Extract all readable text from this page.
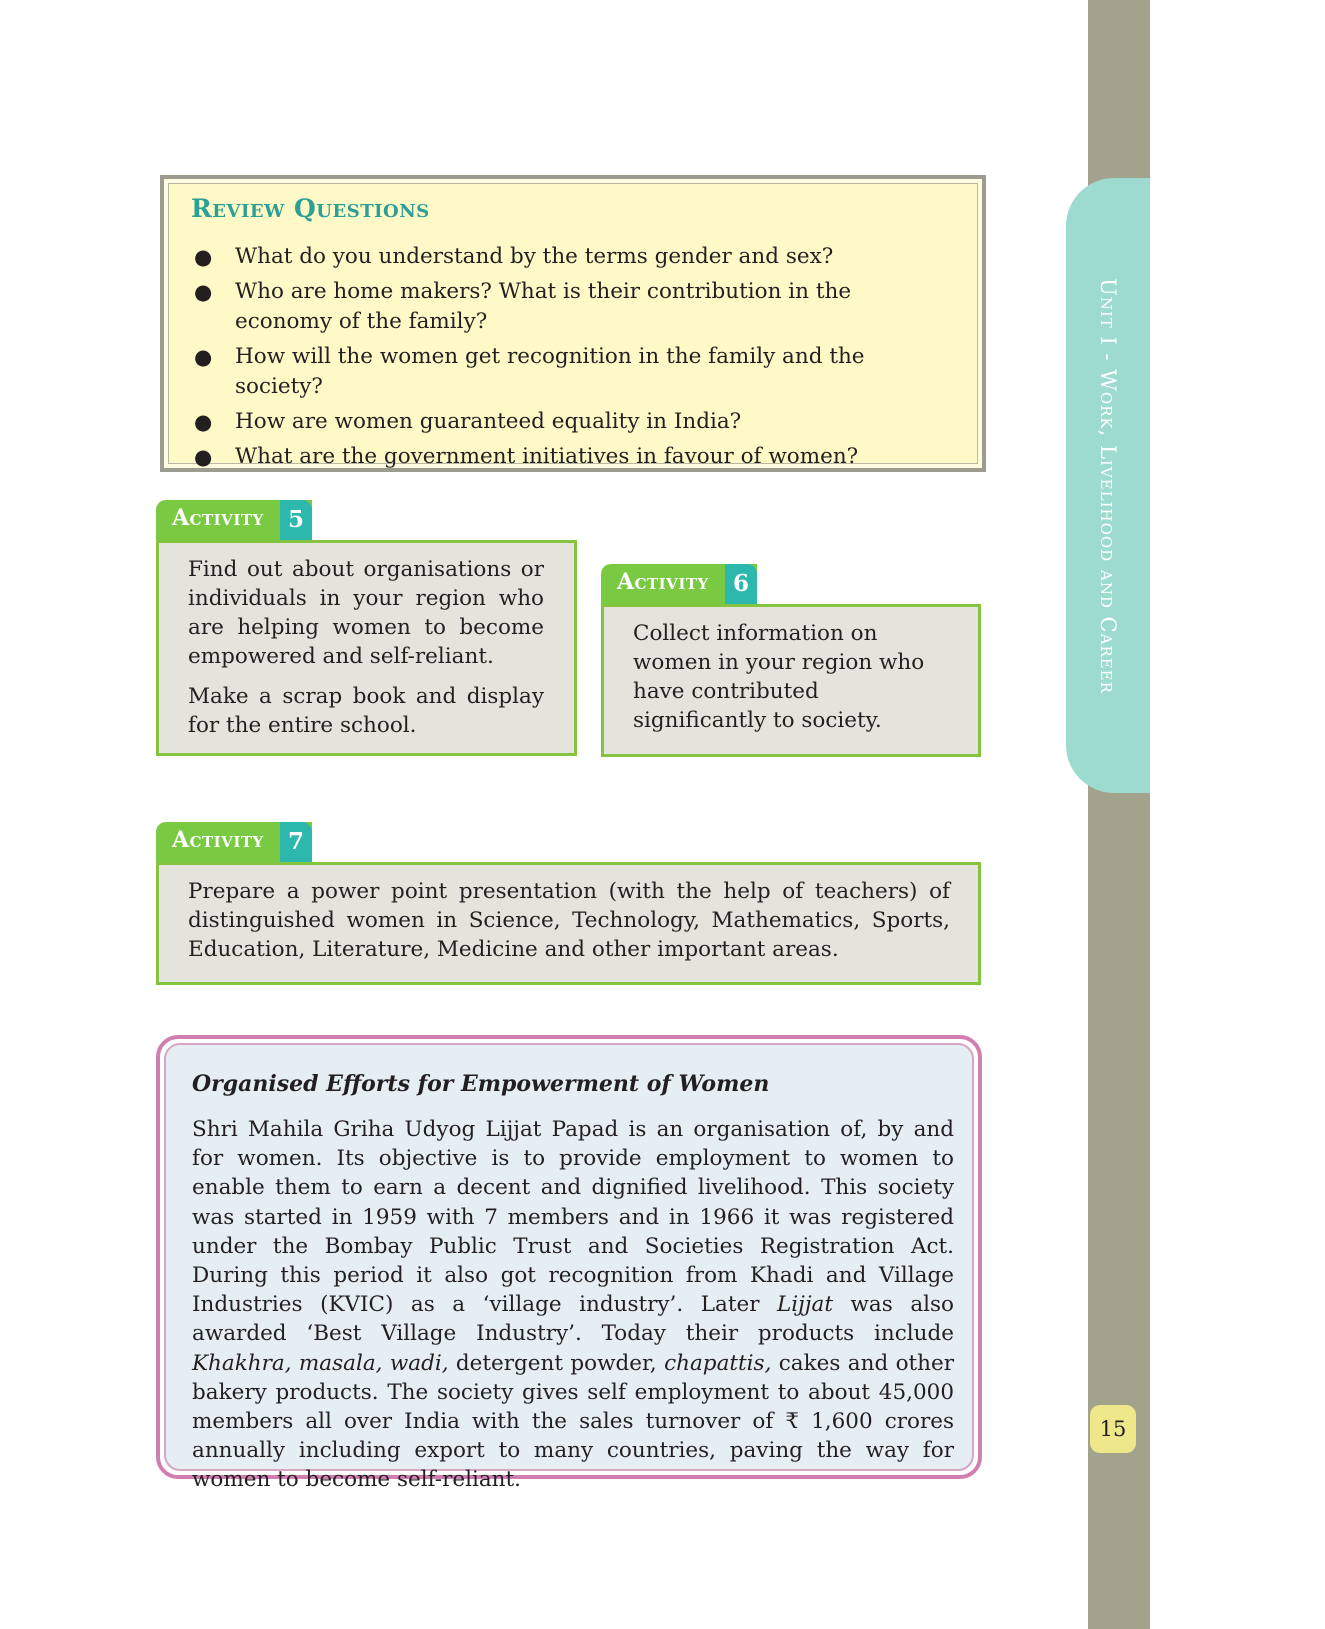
Unit I - Work, Livelihood and Career
15
Review Questions
● What do you understand by the terms gender and sex?
● Who are home makers? What is their contribution in the economy of the family?
● How will the women get recognition in the family and the society?
● How are women guaranteed equality in India?
● What are the government initiatives in favour of women?
Activity	5
Find out about organisations or individuals in your region who are helping women to become empowered and self-reliant.
Make a scrap book and display for the entire school.
Activity	6
Collect information on women in your region who have contributed significantly to society.
Activity	7
Prepare a power point presentation (with the help of teachers) of distinguished women in Science, Technology, Mathematics, Sports, Education, Literature, Medicine and other important areas.
Organised Efforts for Empowerment of Women
Shri Mahila Griha Udyog Lijjat Papad is an organisation of, by and for women. Its objective is to provide employment to women to enable them to earn a decent and dignified livelihood. This society was started in 1959 with 7 members and in 1966 it was registered under the Bombay Public Trust and Societies Registration Act. During this period it also got recognition from Khadi and Village Industries (KVIC) as a ‘village industry’. Later Lijjat was also awarded ‘Best Village Industry’. Today their products include Khakhra, masala, wadi, detergent powder, chapattis, cakes and other bakery products. The society gives self employment to about 45,000 members all over India with the sales turnover of ₹ 1,600 crores annually including export to many countries, paving the way for women to become self-reliant.
